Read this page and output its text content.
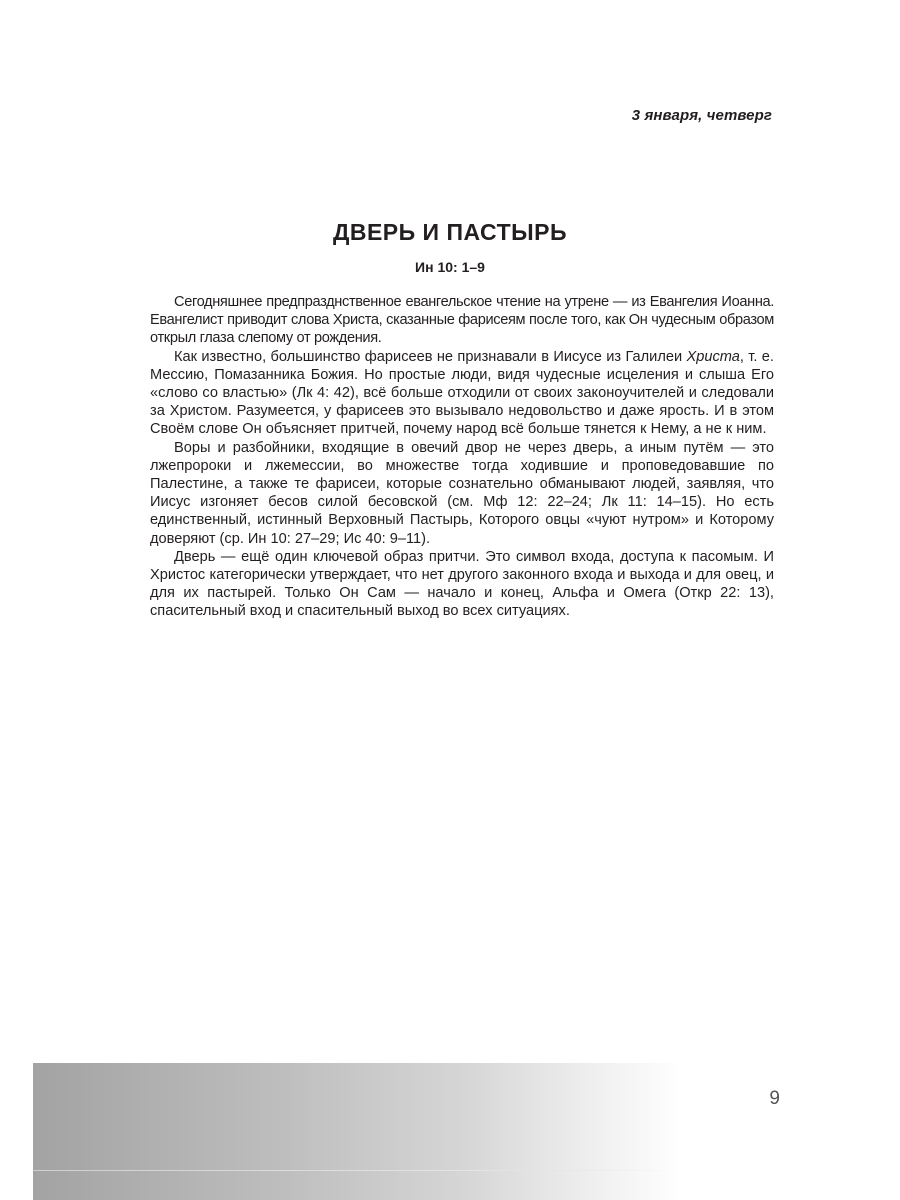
3 января, четверг
ДВЕРЬ И ПАСТЫРЬ
Ин 10: 1–9

Сегодняшнее предпразднственное евангельское чтение на утрене — из Евангелия Иоанна. Евангелист приводит слова Христа, сказанные фарисеям после того, как Он чудесным образом открыл глаза слепому от рождения.

Как известно, большинство фарисеев не признавали в Иисусе из Галилеи Христа, т. е. Мессию, Помазанника Божия. Но простые люди, видя чудесные исцеления и слыша Его «слово со властью» (Лк 4: 42), всё больше отходили от своих законоучителей и следовали за Христом. Разумеется, у фарисеев это вызывало недовольство и даже ярость. И в этом Своём слове Он объясняет притчей, почему народ всё больше тянется к Нему, а не к ним.

Воры и разбойники, входящие в овечий двор не через дверь, а иным путём — это лжепророки и лжемессии, во множестве тогда ходившие и проповедовавшие по Палестине, а также те фарисеи, которые сознательно обманывают людей, заявляя, что Иисус изгоняет бесов силой бесовской (см. Мф 12: 22–24; Лк 11: 14–15). Но есть единственный, истинный Верховный Пастырь, Которого овцы «чуют нутром» и Которому доверяют (ср. Ин 10: 27–29; Ис 40: 9–11).

Дверь — ещё один ключевой образ притчи. Это символ входа, доступа к пасомым. И Христос категорически утверждает, что нет другого законного входа и выхода и для овец, и для их пастырей. Только Он Сам — начало и конец, Альфа и Омега (Откр 22: 13), спасительный вход и спасительный выход во всех ситуациях.

9
